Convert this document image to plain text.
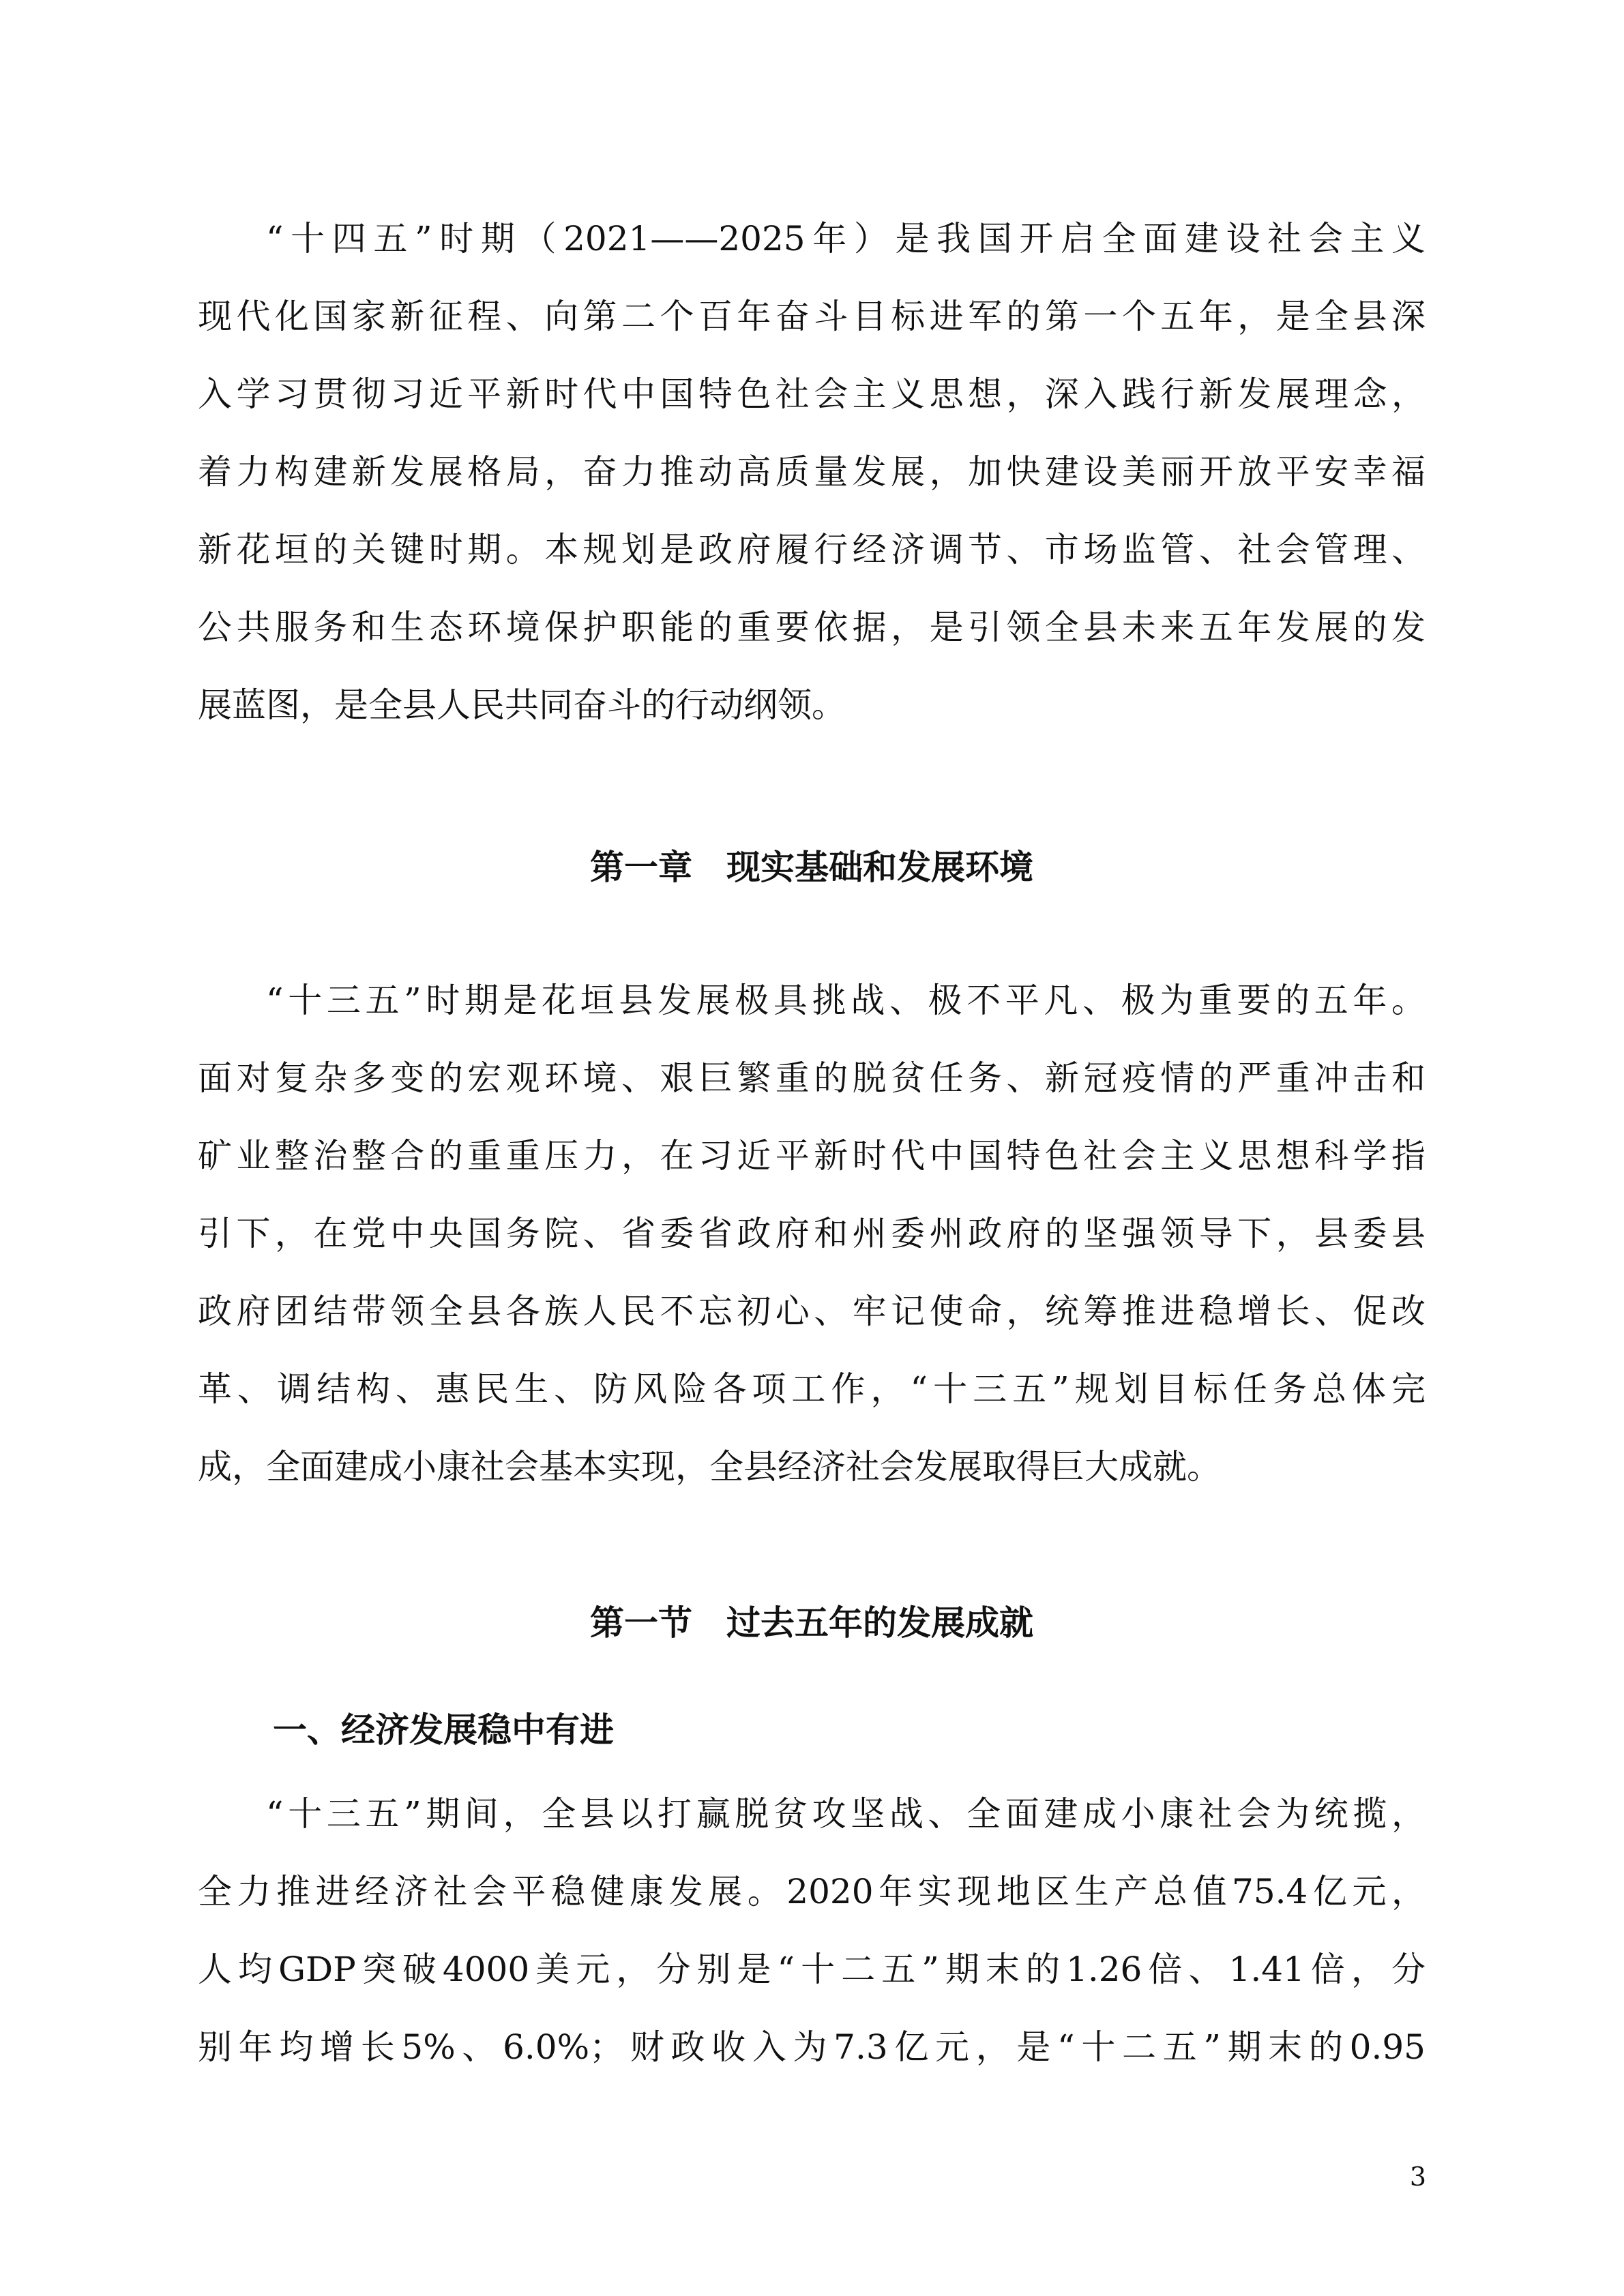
“十四五”时期（2021——2025年）是我国开启全面建设社会主义
现代化国家新征程、向第二个百年奋斗目标进军的第一个五年，是全县深
入学习贯彻习近平新时代中国特色社会主义思想，深入践行新发展理念，
着力构建新发展格局，奋力推动高质量发展，加快建设美丽开放平安幸福
新花垣的关键时期。本规划是政府履行经济调节、市场监管、社会管理、
公共服务和生态环境保护职能的重要依据，是引领全县未来五年发展的发
展蓝图，是全县人民共同奋斗的行动纲领。
第一章　现实基础和发展环境
“十三五”时期是花垣县发展极具挑战、极不平凡、极为重要的五年。
面对复杂多变的宏观环境、艰巨繁重的脱贫任务、新冠疫情的严重冲击和
矿业整治整合的重重压力，在习近平新时代中国特色社会主义思想科学指
引下，在党中央国务院、省委省政府和州委州政府的坚强领导下，县委县
政府团结带领全县各族人民不忘初心、牢记使命，统筹推进稳增长、促改
革、调结构、惠民生、防风险各项工作，“十三五”规划目标任务总体完
成，全面建成小康社会基本实现，全县经济社会发展取得巨大成就。
第一节　过去五年的发展成就
一、经济发展稳中有进
“十三五”期间，全县以打赢脱贫攻坚战、全面建成小康社会为统揽，
全力推进经济社会平稳健康发展。2020年实现地区生产总值75.4亿元，
人均GDP突破4000美元，分别是“十二五”期末的1.26倍、1.41倍，分
别年均增长5%、6.0%；财政收入为7.3亿元，是“十二五”期末的0.95
3
